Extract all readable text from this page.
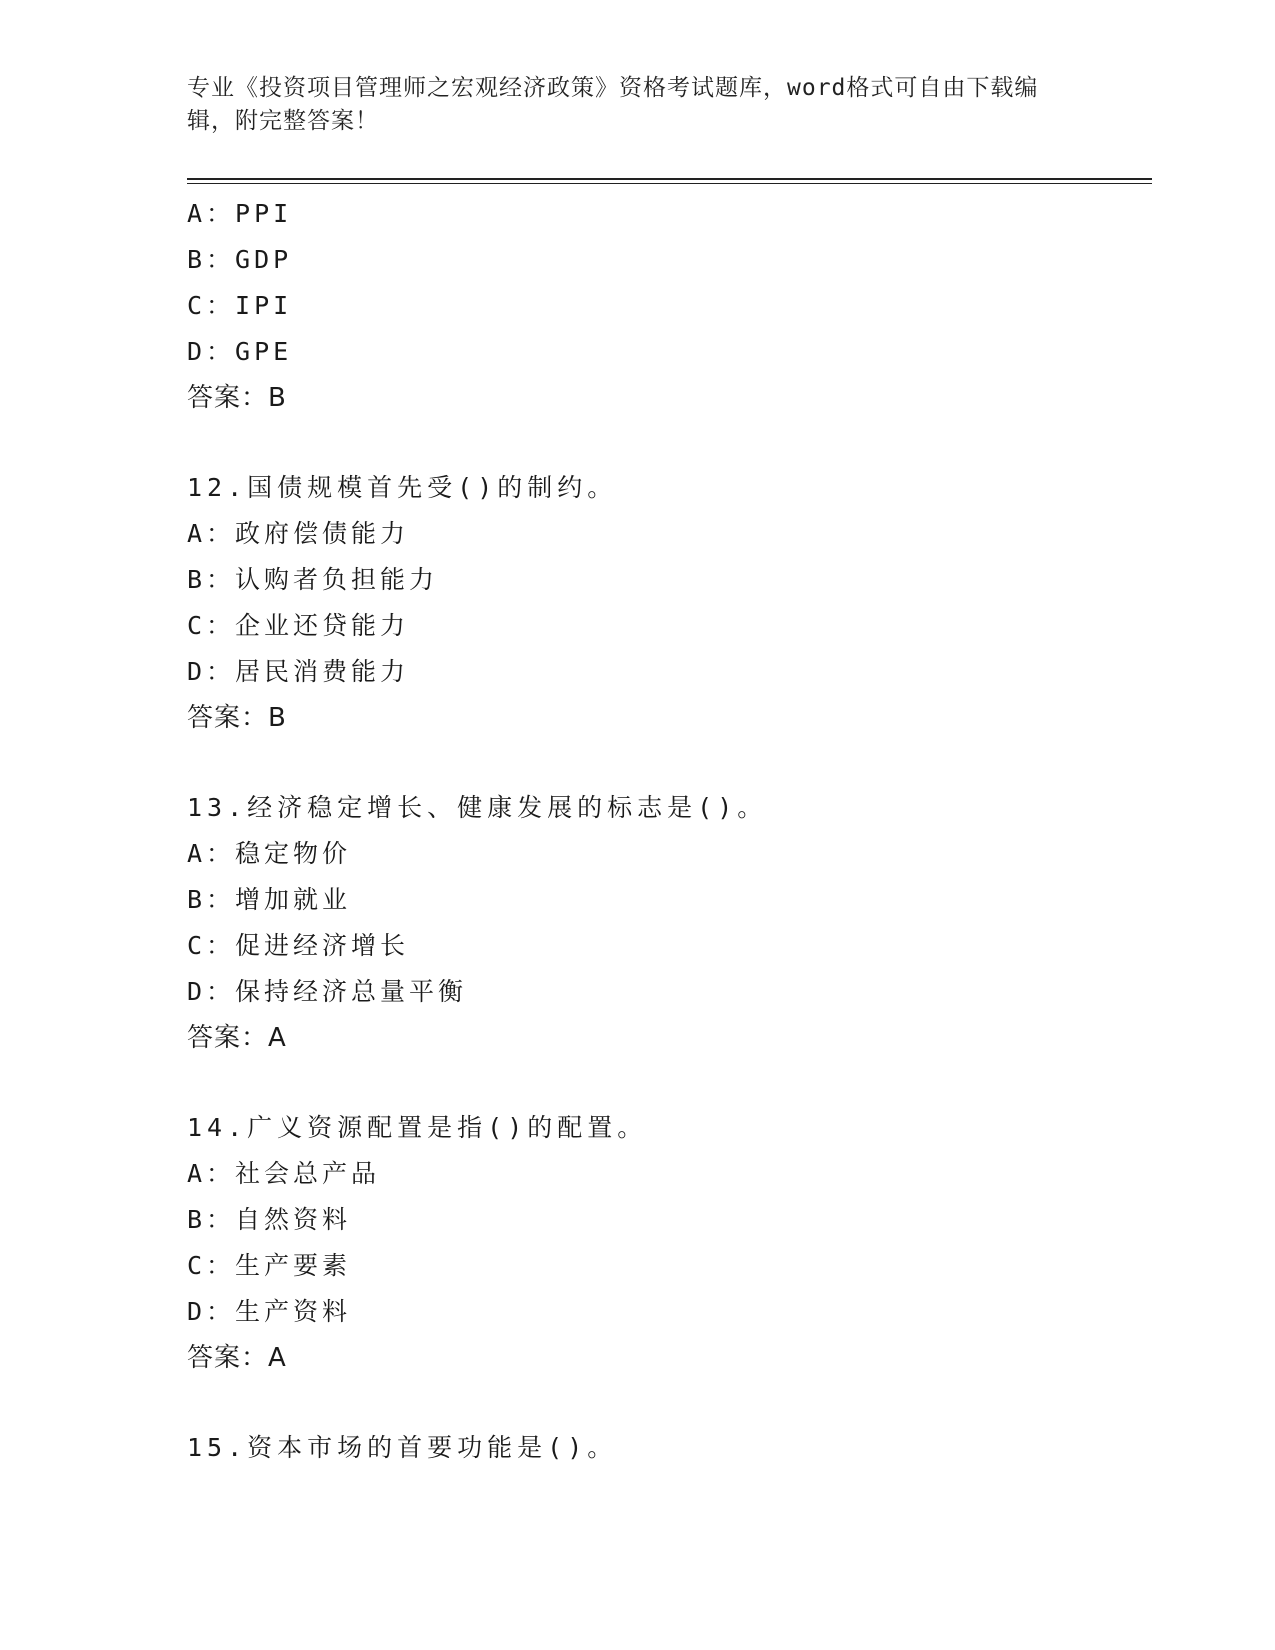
专业《投资项目管理师之宏观经济政策》资格考试题库，word格式可自由下载编辑，附完整答案！
A：PPI
B：GDP
C：IPI
D：GPE
答案：B
12.国债规模首先受()的制约。
A：政府偿债能力
B：认购者负担能力
C：企业还贷能力
D：居民消费能力
答案：B
13.经济稳定增长、健康发展的标志是()。
A：稳定物价
B：增加就业
C：促进经济增长
D：保持经济总量平衡
答案：A
14.广义资源配置是指()的配置。
A：社会总产品
B：自然资料
C：生产要素
D：生产资料
答案：A
15.资本市场的首要功能是()。
